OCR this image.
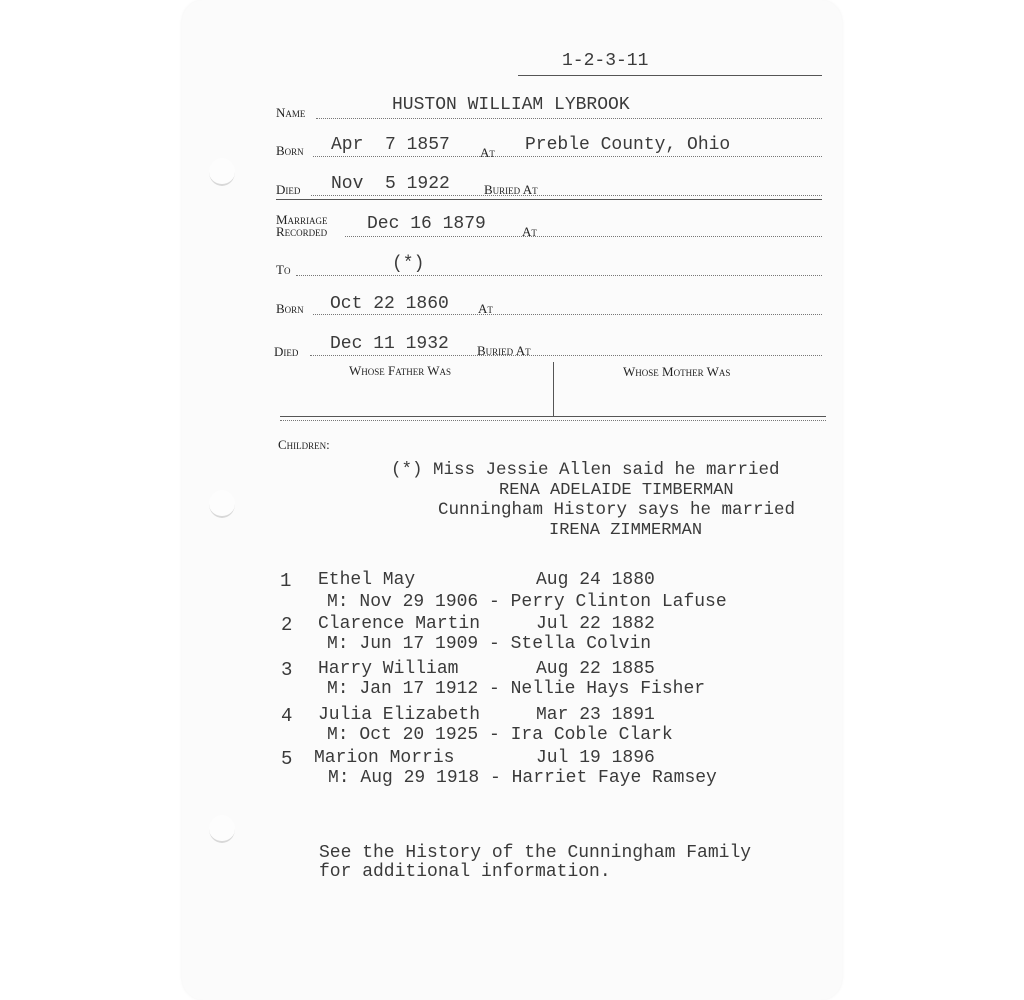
1-2-3-11
Name	HUSTON WILLIAM LYBROOK
Born Apr  7 1857 At Preble County, Ohio
Died Nov  5 1922	Buried At
Marriage
Recorded Dec 16 1879	At
To	(*)
Born Oct 22 1860 At
Died Dec 11 1932 Buried At
Whose Father Was	Whose Mother Was
Children:
(*) Miss Jessie Allen said he married
RENA ADELAIDE TIMBERMAN
Cunningham History says he married
IRENA ZIMMERMAN
1 Ethel May	Aug 24 1880
M: Nov 29 1906 - Perry Clinton Lafuse
2 Clarence Martin	Jul 22 1882
M: Jun 17 1909 - Stella Colvin
3 Harry William	Aug 22 1885
M: Jan 17 1912 - Nellie Hays Fisher
4 Julia Elizabeth	Mar 23 1891
M: Oct 20 1925 - Ira Coble Clark
5 Marion Morris	Jul 19 1896
M: Aug 29 1918 - Harriet Faye Ramsey
See the History of the Cunningham Family
for additional information.
